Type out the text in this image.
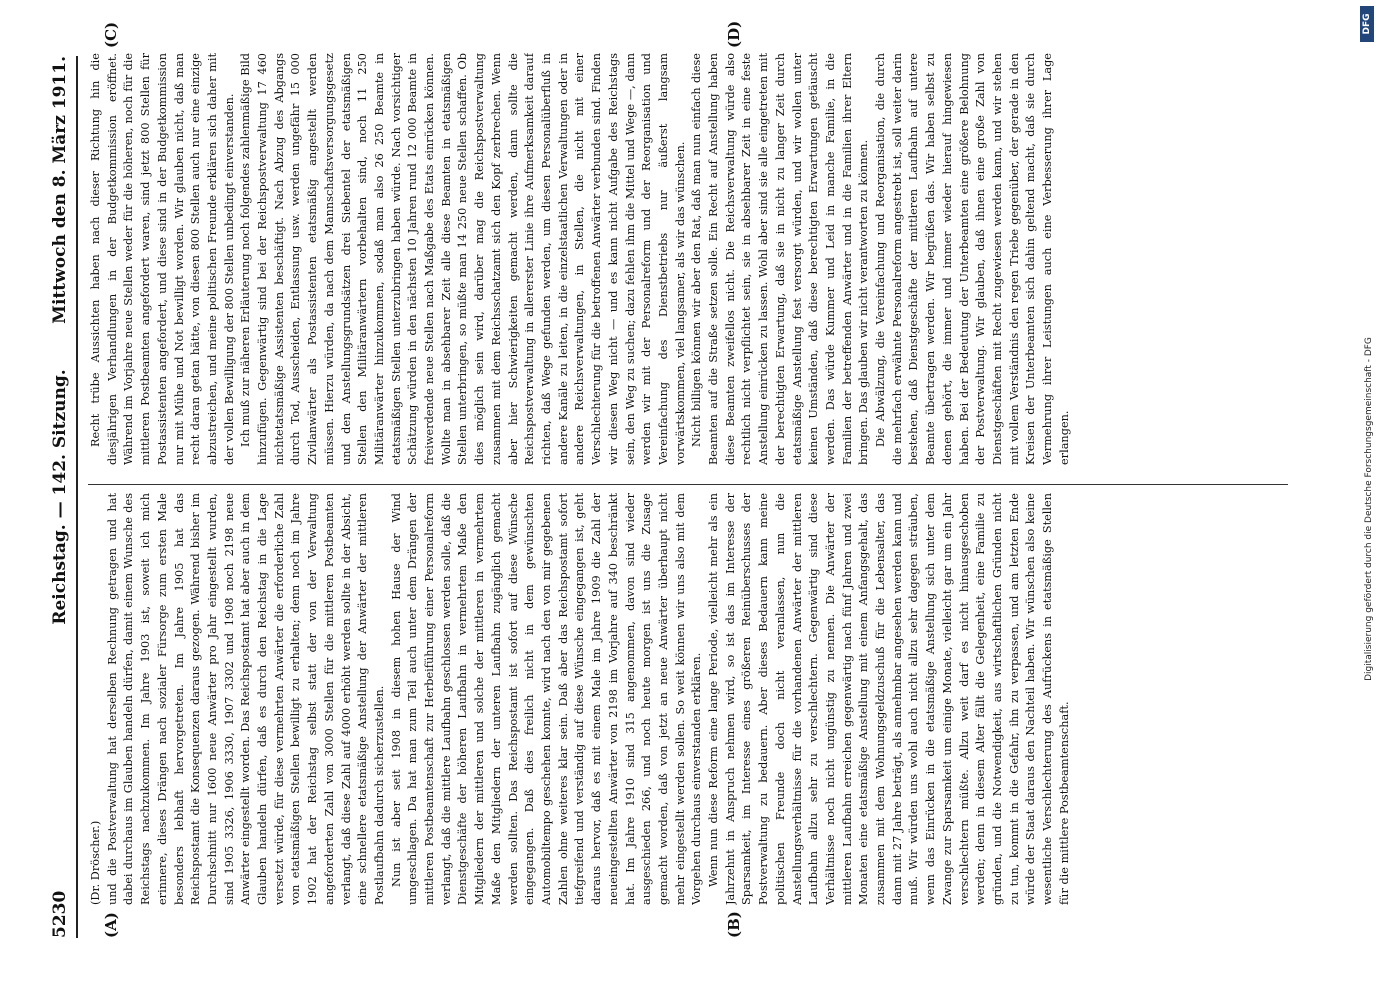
5230
Reichstag. — 142. Sitzung.
Mittwoch den 8. März 1911.
(A)	(B)
(C)	(D)

(Dr. Dröscher.) und die Postverwaltung hat derselben Rechnung getragen und hat dabei durchaus im Glauben handeln dürfen, damit einem Wunsche des Reichstags nachzukommen. Im Jahre 1903 ist, soweit ich mich erinnere, dieses Drängen nach sozialer Fürsorge zum ersten Male besonders lebhaft hervorgetreten. Im Jahre 1905 hat das Reichspostamt die Konsequenzen daraus gezogen. Während bisher im Durchschnitt nur 1600 neue Anwärter pro Jahr eingestellt wurden, sind 1905 3326, 1906 3330, 1907 3302 und 1908 noch 2198 neue Anwärter eingestellt worden. Das Reichspostamt hat aber auch in dem Glauben handeln dürfen, daß es durch den Reichstag in die Lage versetzt würde, für diese vermehrten Anwärter die erforderliche Zahl von etatsmäßigen Stellen bewilligt zu erhalten; denn noch im Jahre 1902 hat der Reichstag selbst statt der von der Verwaltung angeforderten Zahl von 3000 Stellen für die mittleren Postbeamten verlangt, daß diese Zahl auf 4000 erhöht werden sollte in der Absicht, eine schnellere etatsmäßige Anstellung der Anwärter der mittleren Postlaufbahn dadurch sicherzustellen. Nun ist aber seit 1908 in diesem hohen Hause der Wind umgeschlagen. Da hat man zum Teil auch unter dem Drängen der mittleren Postbeamtenschaft zur Herbeiführung einer Personalreform verlangt, daß die mittlere Laufbahn geschlossen werden solle, daß die Dienstgeschäfte der höheren Laufbahn in vermehrtem Maße den Mitgliedern der mittleren und solche der mittleren in vermehrtem Maße den Mitgliedern der unteren Laufbahn zugänglich gemacht werden sollten. Das Reichspostamt ist sofort auf diese Wünsche eingegangen. Daß dies freilich nicht in dem gewünschten Automobiltempo geschehen konnte, wird nach den von mir gegebenen Zahlen ohne weiteres klar sein. Daß aber das Reichspostamt sofort tiefgreifend und verständig auf diese Wünsche eingegangen ist, geht daraus hervor, daß es mit einem Male im Jahre 1909 die Zahl der neueingestellten Anwärter von 2198 im Vorjahre auf 340 beschränkt hat. Im Jahre 1910 sind 315 angenommen, davon sind wieder ausgeschieden 266, und noch heute morgen ist uns die Zusage gemacht worden, daß von jetzt an neue Anwärter überhaupt nicht mehr eingestellt werden sollen. So weit können wir uns also mit dem Vorgehen durchaus einverstanden erklären. Wenn nun diese Reform eine lange Periode, vielleicht mehr als ein Jahrzehnt in Anspruch nehmen wird, so ist das im Interesse der Sparsamkeit, im Interesse eines größeren Reinüberschusses der Postverwaltung zu bedauern. Aber dieses Bedauern kann meine politischen Freunde doch nicht veranlassen, nun die Anstellungsverhältnisse für die vorhandenen Anwärter der mittleren Laufbahn allzu sehr zu verschlechtern. Gegenwärtig sind diese Verhältnisse noch nicht ungünstig zu nennen. Die Anwärter der mittleren Laufbahn erreichen gegenwärtig nach fünf Jahren und zwei Monaten eine etatsmäßige Anstellung mit einem Anfangsgehalt, das zusammen mit dem Wohnungsgeldzuschuß für die Lebensalter, das dann mit 27 Jahre beträgt, als annehmbar angesehen werden kann und muß. Wir würden uns wohl auch nicht allzu sehr dagegen sträuben, wenn das Einrücken in die etatsmäßige Anstellung sich unter dem Zwange zur Sparsamkeit um einige Monate, vielleicht gar um ein Jahr verschlechtern müßte. Allzu weit darf es nicht hinausgeschoben werden; denn in diesem Alter fällt die Gelegenheit, eine Familie zu gründen, und die Notwendigkeit, aus wirtschaftlichen Gründen nicht zu tun, kommt in die Gefahr, ihn zu verpassen, und am letzten Ende würde der Staat daraus den Nachteil haben. Wir wünschen also keine wesentliche Verschlechterung des Aufrückens in etatsmäßige Stellen für die mittlere Postbeamtenschaft.

Recht trübe Aussichten haben nach dieser Richtung hin die diesjährigen Verhandlungen in der Budgetkommission eröffnet. Während im Vorjahre neue Stellen weder für die höheren, noch für die mittleren Postbeamten angefordert waren, sind jetzt 800 Stellen für Postassistenten angefordert, und diese sind in der Budgetkommission nur mit Mühe und Not bewilligt worden. Wir glauben nicht, daß man recht daran getan hätte, von diesen 800 Stellen auch nur eine einzige abzustreichen, und meine politischen Freunde erklären sich daher mit der vollen Bewilligung der 800 Stellen unbedingt einverstanden. Ich muß zur näheren Erläuterung noch folgendes zahlenmäßige Bild hinzufügen. Gegenwärtig sind bei der Reichspostverwaltung 17 460 nichtetatsmäßige Assistenten beschäftigt. Nach Abzug des Abgangs durch Tod, Ausscheiden, Entlassung usw. werden ungefähr 15 000 Zivilanwärter als Postassistenten etatsmäßig angestellt werden müssen. Hierzu würden, da nach dem Mannschaftsversorgungsgesetz und den Anstellungsgrundsätzen drei Siebentel der etatsmäßigen Stellen den Militäranwärtern vorbehalten sind, noch 11 250 Militäranwärter hinzukommen, sodaß man also 26 250 Beamte in etatsmäßigen Stellen unterzubringen haben würde. Nach vorsichtiger Schätzung würden in den nächsten 10 Jahren rund 12 000 Beamte in freiwerdende neue Stellen nach Maßgabe des Etats einrücken können. Wollte man in absehbarer Zeit alle diese Beamten in etatsmäßigen Stellen unterbringen, so müßte man 14 250 neue Stellen schaffen. Ob dies möglich sein wird, darüber mag die Reichspostverwaltung zusammen mit dem Reichsschatzamt sich den Kopf zerbrechen. Wenn aber hier Schwierigkeiten gemacht werden, dann sollte die Reichspostverwaltung in allererster Linie ihre Aufmerksamkeit darauf richten, daß Wege gefunden werden, um diesen Personalüberfluß in andere Kanäle zu leiten, in die einzelstaatlichen Verwaltungen oder in andere Reichsverwaltungen, in Stellen, die nicht mit einer Verschlechterung für die betroffenen Anwärter verbunden sind. Finden wir diesen Weg nicht — und es kann nicht Aufgabe des Reichstags sein, den Weg zu suchen; dazu fehlen ihm die Mittel und Wege —, dann werden wir mit der Personalreform und der Reorganisation und Vereinfachung des Dienstbetriebs nur äußerst langsam vorwärtskommen, viel langsamer, als wir das wünschen. Nicht billigen können wir aber den Rat, daß man nun einfach diese Beamten auf die Straße setzen solle. Ein Recht auf Anstellung haben diese Beamten zweifellos nicht. Die Reichsverwaltung würde also rechtlich nicht verpflichtet sein, sie in absehbarer Zeit in eine feste Anstellung einrücken zu lassen. Wohl aber sind sie alle eingetreten mit der berechtigten Erwartung, daß sie in nicht zu langer Zeit durch etatsmäßige Anstellung fest versorgt würden, und wir wollen unter keinen Umständen, daß diese berechtigten Erwartungen getäuscht werden. Das würde Kummer und Leid in manche Familie, in die Familien der betreffenden Anwärter und in die Familien ihrer Eltern bringen. Das glauben wir nicht verantworten zu können. Die Abwälzung, die Vereinfachung und Reorganisation, die durch die mehrfach erwähnte Personalreform angestrebt ist, soll weiter darin bestehen, daß Dienstgeschäfte der mittleren Laufbahn auf untere Beamte übertragen werden. Wir begrüßen das. Wir haben selbst zu denen gehört, die immer und immer wieder hierauf hingewiesen haben. Bei der Bedeutung der Unterbeamten eine größere Belohnung der Postverwaltung. Wir glauben, daß ihnen eine große Zahl von Dienstgeschäften mit Recht zugewiesen werden kann, und wir stehen mit vollem Verständnis den regen Triebe gegenüber, der gerade in den Kreisen der Unterbeamten sich dahin geltend macht, daß sie durch Vermehrung ihrer Leistungen auch eine Verbesserung ihrer Lage erlangen.	Digitalisierung gefördert durch die Deutsche Forschungsgemeinschaft - DFG
DFG
